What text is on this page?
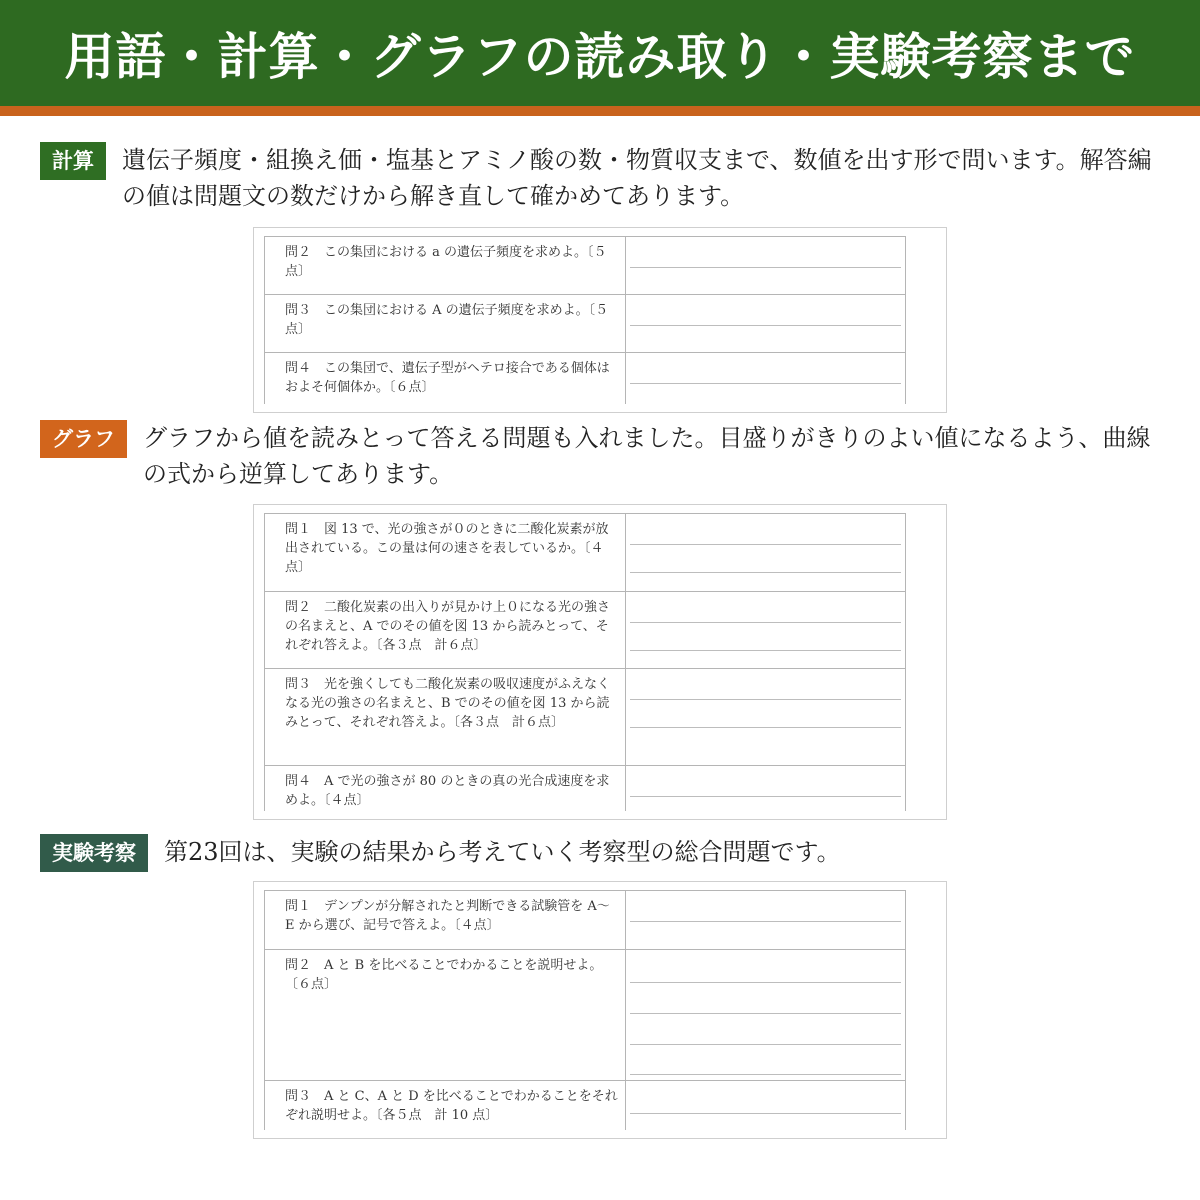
用語・計算・グラフの読み取り・実験考察まで
計算	遺伝子頻度・組換え価・塩基とアミノ酸の数・物質収支まで、数値を出す形で問います。解答編の値は問題文の数だけから解き直して確かめてあります。
問２　この集団における a の遺伝子頻度を求めよ。〔５点〕
問３　この集団における A の遺伝子頻度を求めよ。〔５点〕
問４　この集団で、遺伝子型がヘテロ接合である個体はおよそ何個体か。〔６点〕
グラフ	グラフから値を読みとって答える問題も入れました。目盛りがきりのよい値になるよう、曲線の式から逆算してあります。
問１　図 13 で、光の強さが０のときに二酸化炭素が放出されている。この量は何の速さを表しているか。〔４点〕
問２　二酸化炭素の出入りが見かけ上０になる光の強さの名まえと、A でのその値を図 13 から読みとって、それぞれ答えよ。〔各３点　計６点〕
問３　光を強くしても二酸化炭素の吸収速度がふえなくなる光の強さの名まえと、B でのその値を図 13 から読みとって、それぞれ答えよ。〔各３点　計６点〕
問４　A で光の強さが 80 のときの真の光合成速度を求めよ。〔４点〕
実験考察	第23回は、実験の結果から考えていく考察型の総合問題です。
問１　デンプンが分解されたと判断できる試験管を A〜E から選び、記号で答えよ。〔４点〕
問２　A と B を比べることでわかることを説明せよ。〔６点〕
問３　A と C、A と D を比べることでわかることをそれぞれ説明せよ。〔各５点　計 10 点〕
